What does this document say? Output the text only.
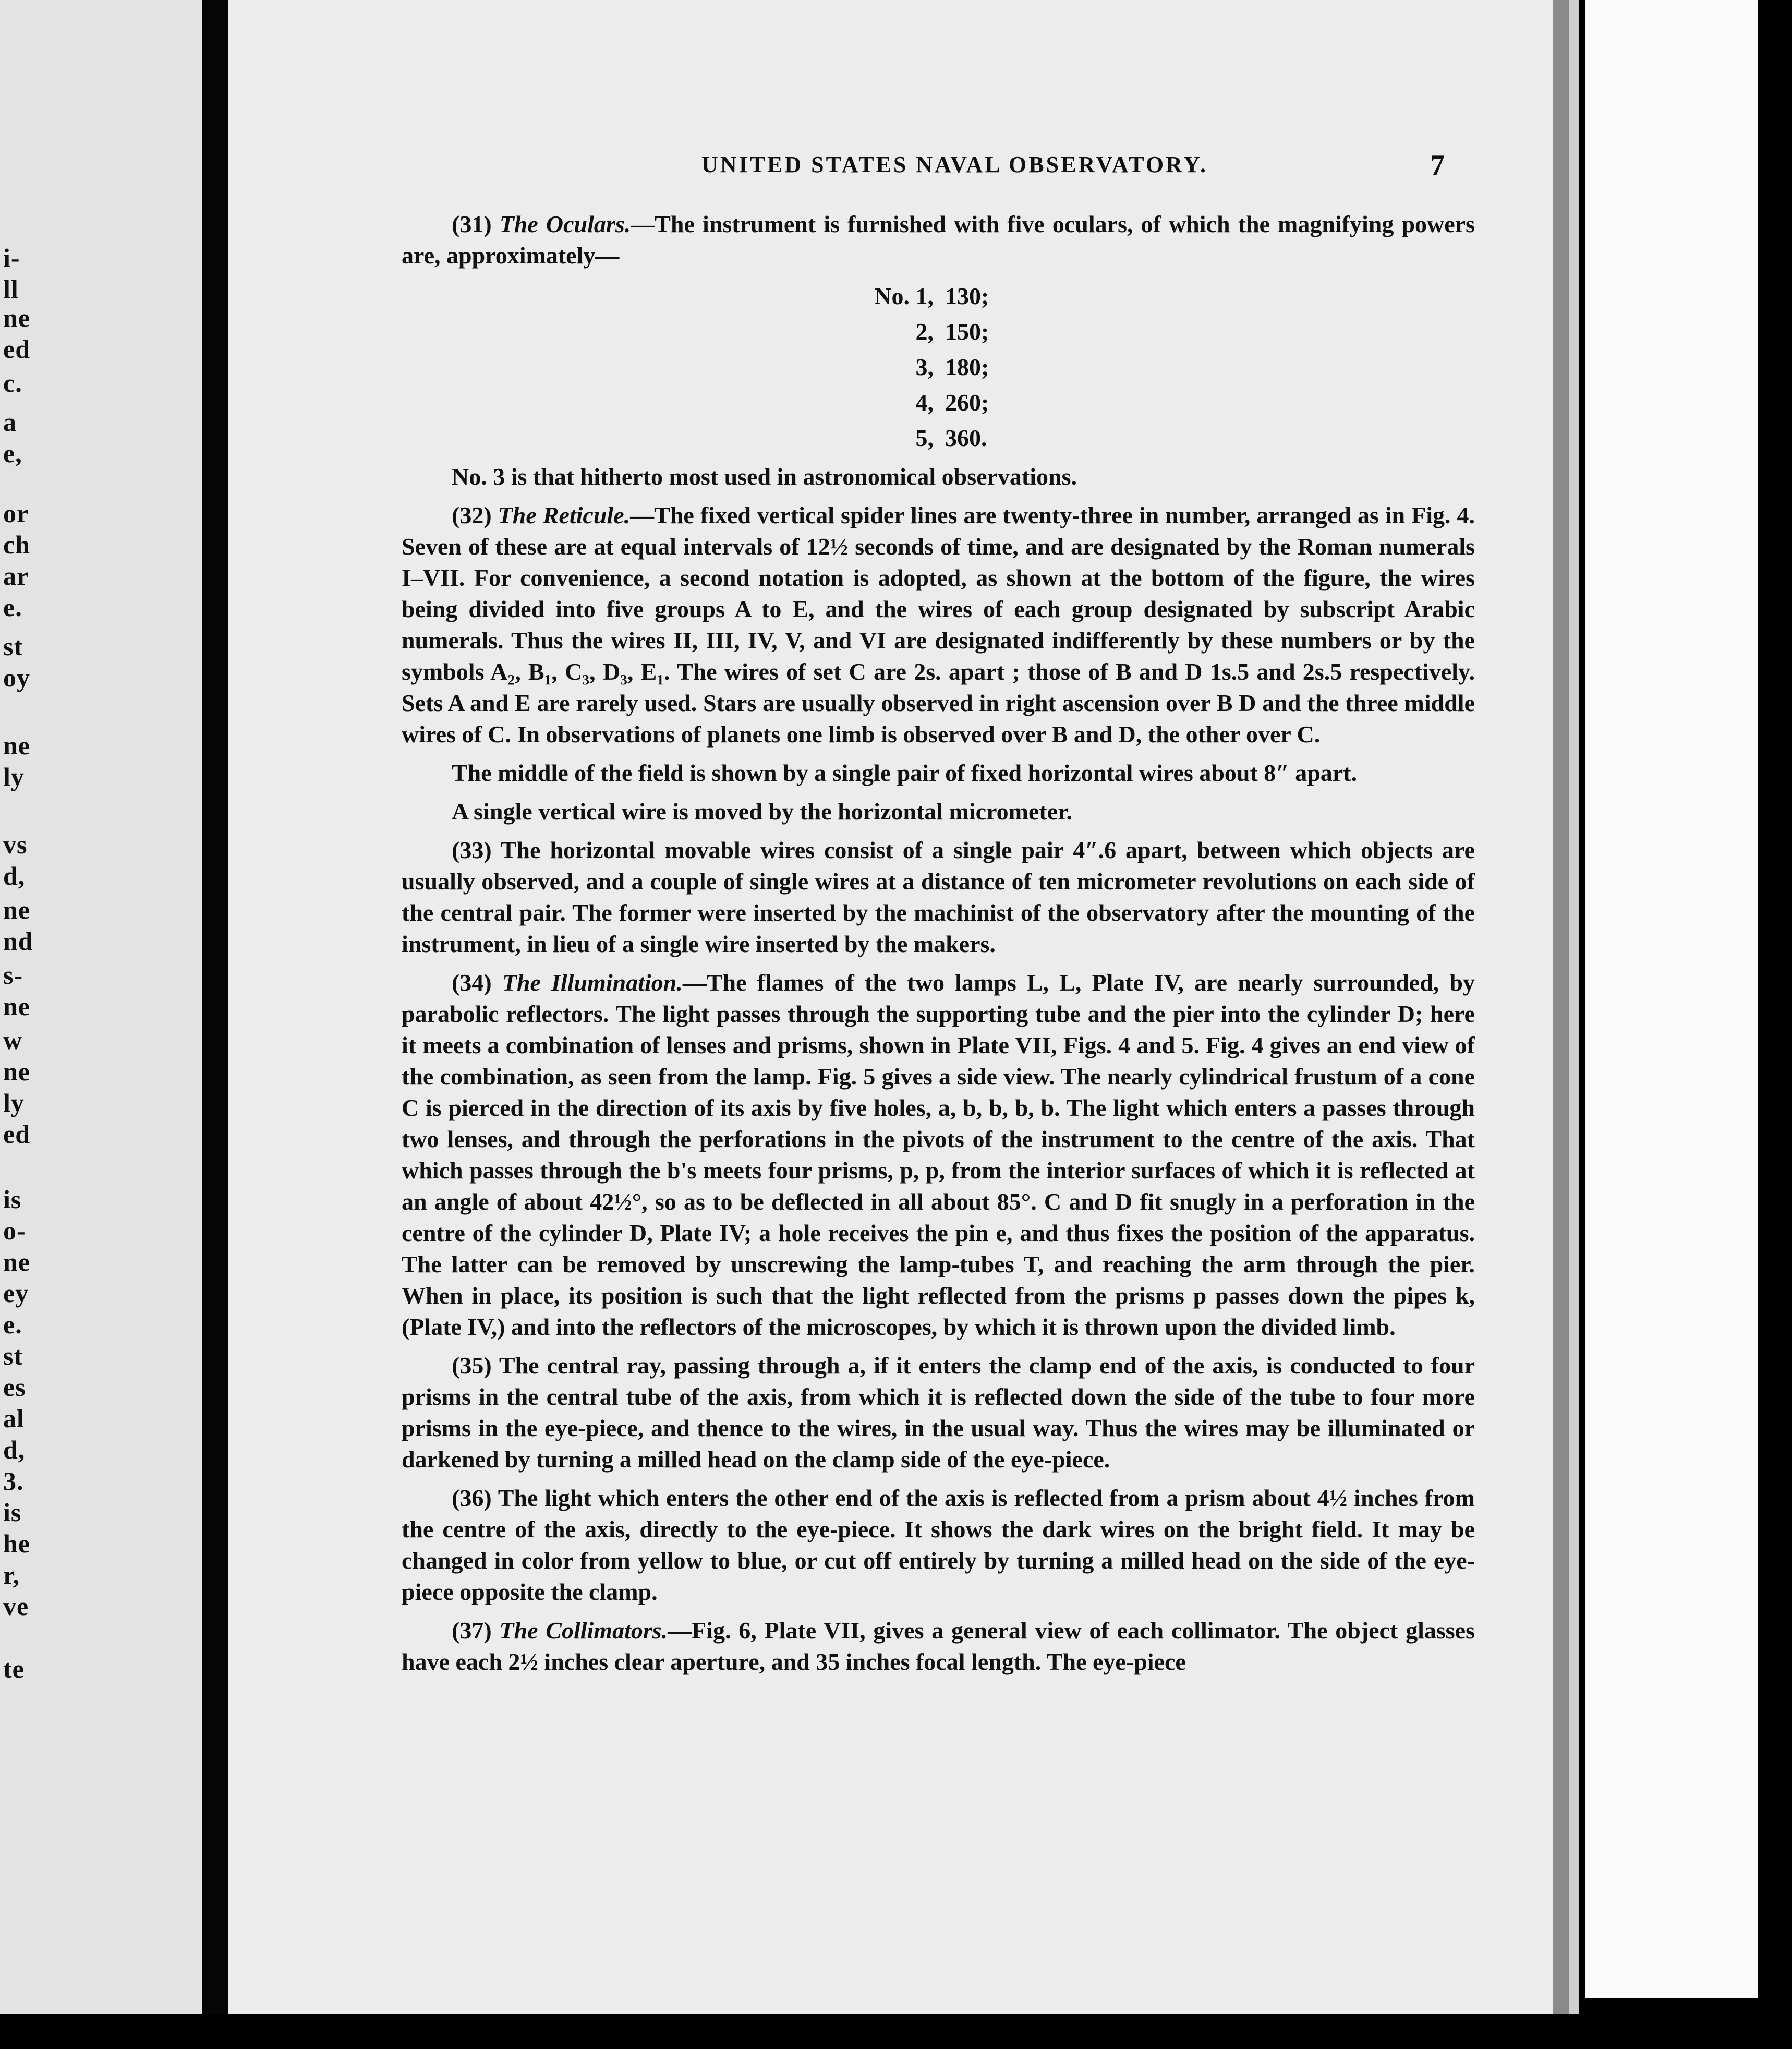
i-
ll
ne
ed
c.
a
e,
or
ch
ar
e.
st
oy
ne
ly
vs
d,
ne
nd
s-
ne
w
ne
ly
ed
is
o-
ne
ey
e.
st
es
al
d,
3.
is
he
r,
ve
te
UNITED STATES NAVAL OBSERVATORY.	7

(31) The Oculars.—The instrument is furnished with five oculars, of which the magnifying powers are, approximately—

No. 1, 130;
2, 150;
3, 180;
4, 260;
5, 360.

No. 3 is that hitherto most used in astronomical observations.

(32) The Reticule.—The fixed vertical spider lines are twenty-three in number, arranged as in Fig. 4. Seven of these are at equal intervals of 12½ seconds of time, and are designated by the Roman numerals I–VII. For convenience, a second notation is adopted, as shown at the bottom of the figure, the wires being divided into five groups A to E, and the wires of each group designated by subscript Arabic numerals. Thus the wires II, III, IV, V, and VI are designated indifferently by these numbers or by the symbols A₂, B₁, C₃, D₃, E₁. The wires of set C are 2s. apart ; those of B and D 1s.5 and 2s.5 respectively. Sets A and E are rarely used. Stars are usually observed in right ascension over B D and the three middle wires of C. In observations of planets one limb is observed over B and D, the other over C.

The middle of the field is shown by a single pair of fixed horizontal wires about 8″ apart.

A single vertical wire is moved by the horizontal micrometer.

(33) The horizontal movable wires consist of a single pair 4″.6 apart, between which objects are usually observed, and a couple of single wires at a distance of ten micrometer revolutions on each side of the central pair. The former were inserted by the machinist of the observatory after the mounting of the instrument, in lieu of a single wire inserted by the makers.

(34) The Illumination.—The flames of the two lamps L, L, Plate IV, are nearly surrounded, by parabolic reflectors. The light passes through the supporting tube and the pier into the cylinder D; here it meets a combination of lenses and prisms, shown in Plate VII, Figs. 4 and 5. Fig. 4 gives an end view of the combination, as seen from the lamp. Fig. 5 gives a side view. The nearly cylindrical frustum of a cone C is pierced in the direction of its axis by five holes, a, b, b, b, b. The light which enters a passes through two lenses, and through the perforations in the pivots of the instrument to the centre of the axis. That which passes through the b's meets four prisms, p, p, from the interior surfaces of which it is reflected at an angle of about 42½°, so as to be deflected in all about 85°. C and D fit snugly in a perforation in the centre of the cylinder D, Plate IV; a hole receives the pin e, and thus fixes the position of the apparatus. The latter can be removed by unscrewing the lamp-tubes T, and reaching the arm through the pier. When in place, its position is such that the light reflected from the prisms p passes down the pipes k, (Plate IV,) and into the reflectors of the microscopes, by which it is thrown upon the divided limb.

(35) The central ray, passing through a, if it enters the clamp end of the axis, is conducted to four prisms in the central tube of the axis, from which it is reflected down the side of the tube to four more prisms in the eye-piece, and thence to the wires, in the usual way. Thus the wires may be illuminated or darkened by turning a milled head on the clamp side of the eye-piece.

(36) The light which enters the other end of the axis is reflected from a prism about 4½ inches from the centre of the axis, directly to the eye-piece. It shows the dark wires on the bright field. It may be changed in color from yellow to blue, or cut off entirely by turning a milled head on the side of the eye-piece opposite the clamp.

(37) The Collimators.—Fig. 6, Plate VII, gives a general view of each collimator. The object glasses have each 2½ inches clear aperture, and 35 inches focal length. The eye-piece
